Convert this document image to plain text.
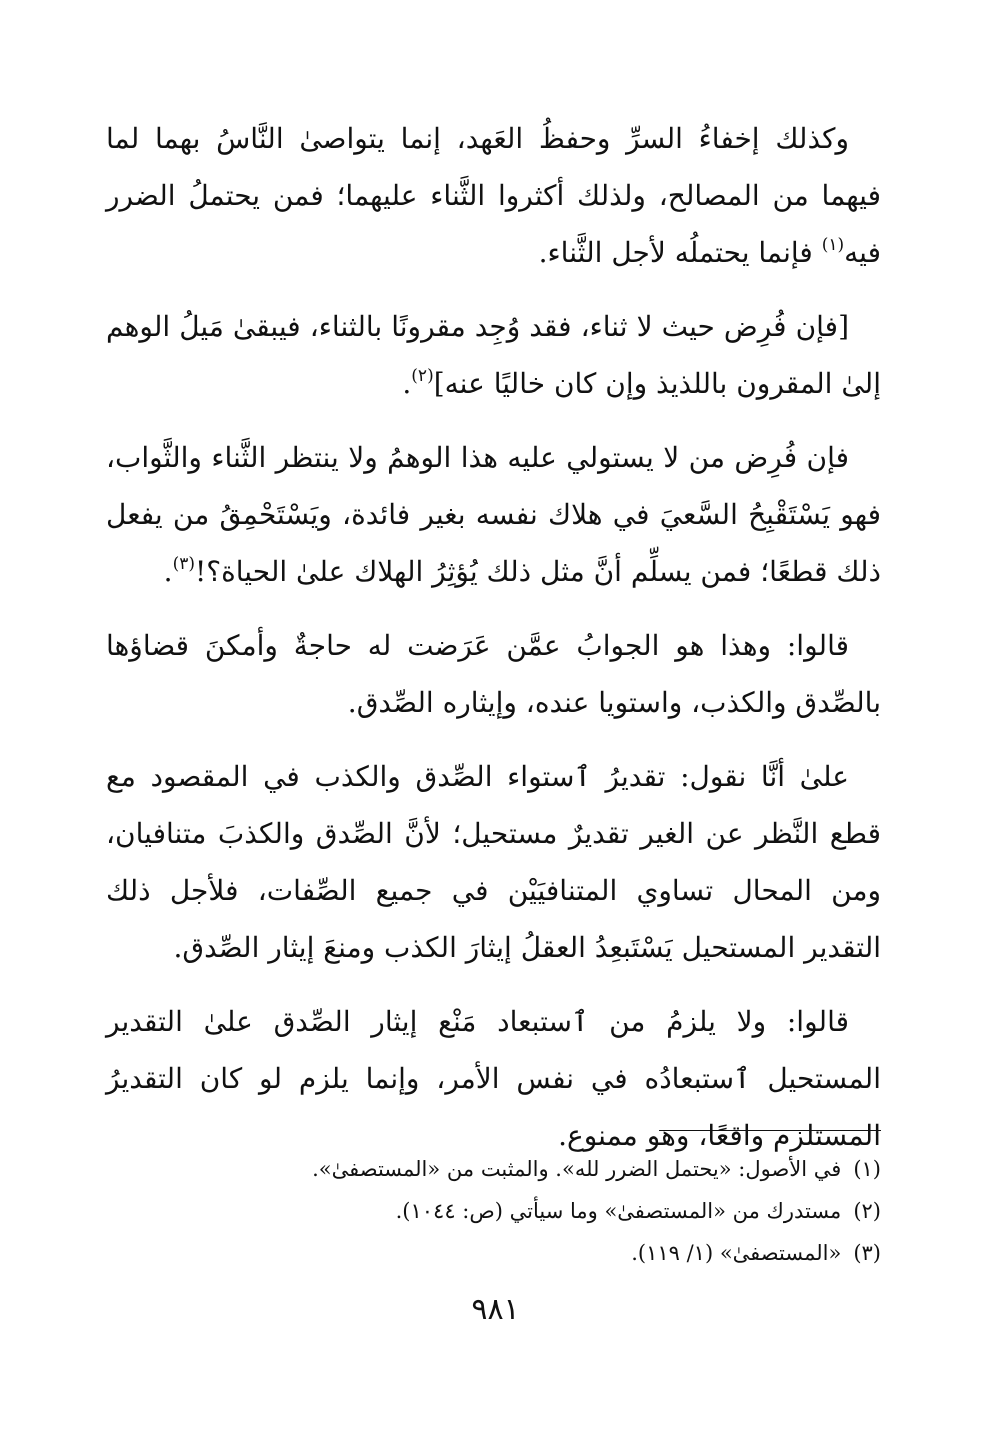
وكذلك إخفاءُ السرِّ وحفظُ العَهد، إنما يتواصىٰ النَّاسُ بهما لما فيهما من المصالح، ولذلك أكثروا الثَّناء عليهما؛ فمن يحتملُ الضرر فيه$^{(١)}$ فإنما يحتملُه لأجل الثَّناء.

[فإن فُرِض حيث لا ثناء، فقد وُجِد مقرونًا بالثناء، فيبقىٰ مَيلُ الوهم إلىٰ المقرون باللذيذ وإن كان خاليًا عنه]$^{(٢)}$.

فإن فُرِض من لا يستولي عليه هذا الوهمُ ولا ينتظر الثَّناء والثَّواب، فهو يَسْتَقْبِحُ السَّعيَ في هلاك نفسه بغير فائدة، ويَسْتَحْمِقُ من يفعل ذلك قطعًا؛ فمن يسلِّم أنَّ مثل ذلك يُؤثِرُ الهلاك علىٰ الحياة؟!$^{(٣)}$.

قالوا: وهذا هو الجوابُ عمَّن عَرَضت له حاجةٌ وأمكنَ قضاؤها بالصِّدق والكذب، واستويا عنده، وإيثاره الصِّدق.

علىٰ أنَّا نقول: تقديرُ ٱستواء الصِّدق والكذب في المقصود مع قطع النَّظر عن الغير تقديرٌ مستحيل؛ لأنَّ الصِّدق والكذبَ متنافيان، ومن المحال تساوي المتنافيَيْن في جميع الصِّفات، فلأجل ذلك التقدير المستحيل يَسْتَبعِدُ العقلُ إيثارَ الكذب ومنعَ إيثار الصِّدق.

قالوا: ولا يلزمُ من ٱستبعاد مَنْع إيثار الصِّدق علىٰ التقدير المستحيل ٱستبعادُه في نفس الأمر، وإنما يلزم لو كان التقديرُ المستلزم واقعًا، وهو ممنوع.

(١)في الأصول: «يحتمل الضرر لله». والمثبت من «المستصفىٰ».

(٢)مستدرك من «المستصفىٰ» وما سيأتي (ص: ١٠٤٤).

(٣)«المستصفىٰ» (١/ ١١٩).

٩٨١
